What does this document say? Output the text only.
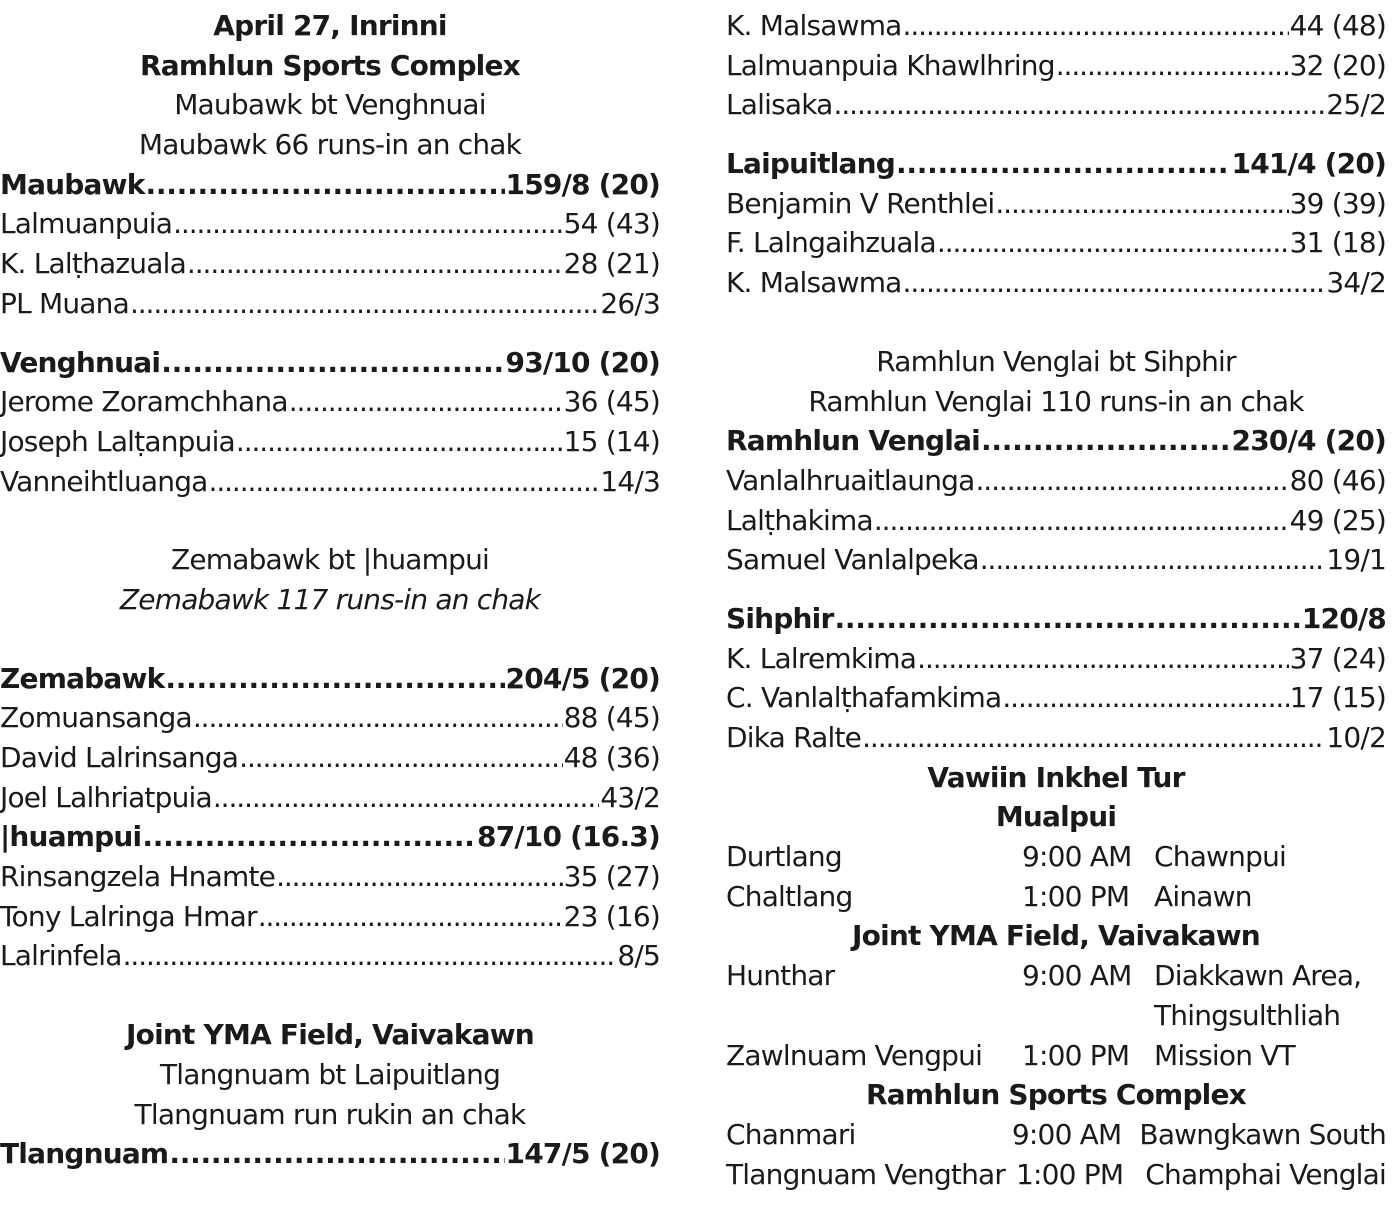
April 27, Inrinni
Ramhlun Sports Complex
Maubawk bt Venghnuai
Maubawk 66 runs-in an chak
Maubawk . . .	159/8 (20)
Lalmuanpuia . . .	54 (43)
K. Lalṭhazuala . . .	28 (21)
PL Muana . . .	26/3
Venghnuai . . .	93/10 (20)
Jerome Zoramchhana . . .	36 (45)
Joseph Lalṭanpuia . . .	15 (14)
Vanneihtluanga . . .	14/3
Zemabawk bt |huampui
Zemabawk 117 runs-in an chak
Zemabawk . . .	204/5 (20)
Zomuansanga . . .	88 (45)
David Lalrinsanga . . .	48 (36)
Joel Lalhriatpuia . . .	43/2
|huampui . . .	87/10 (16.3)
Rinsangzela Hnamte . . .	35 (27)
Tony Lalringa Hmar . . .	23 (16)
Lalrinfela . . .	8/5
Joint YMA Field, Vaivakawn
Tlangnuam bt Laipuitlang
Tlangnuam run rukin an chak
Tlangnuam . . .	147/5 (20)
K. Malsawma . . .	44 (48)
Lalmuanpuia Khawlhring . . .	32 (20)
Lalisaka . . .	25/2
Laipuitlang . . .	141/4 (20)
Benjamin V Renthlei . . .	39 (39)
F. Lalngaihzuala . . .	31 (18)
K. Malsawma . . .	34/2
Ramhlun Venglai bt Sihphir
Ramhlun Venglai 110 runs-in an chak
Ramhlun Venglai . . .	230/4 (20)
Vanlalhruaitlaunga . . .	80 (46)
Lalṭhakima . . .	49 (25)
Samuel Vanlalpeka . . .	19/1
Sihphir . . .	120/8
K. Lalremkima . . .	37 (24)
C. Vanlalṭhafamkima . . .	17 (15)
Dika Ralte . . .	10/2
Vawiin Inkhel Tur
Mualpui
Durtlang	9:00 AM Chawnpui
Chaltlang	1:00 PM Ainawn
Joint YMA Field, Vaivakawn
Hunthar	9:00 AM Diakkawn Area,
Thingsulthliah
Zawlnuam Vengpui	1:00 PM Mission VT
Ramhlun Sports Complex
Chanmari	9:00 AM Bawngkawn South
Tlangnuam Vengthar 1:00 PM Champhai Venglai
